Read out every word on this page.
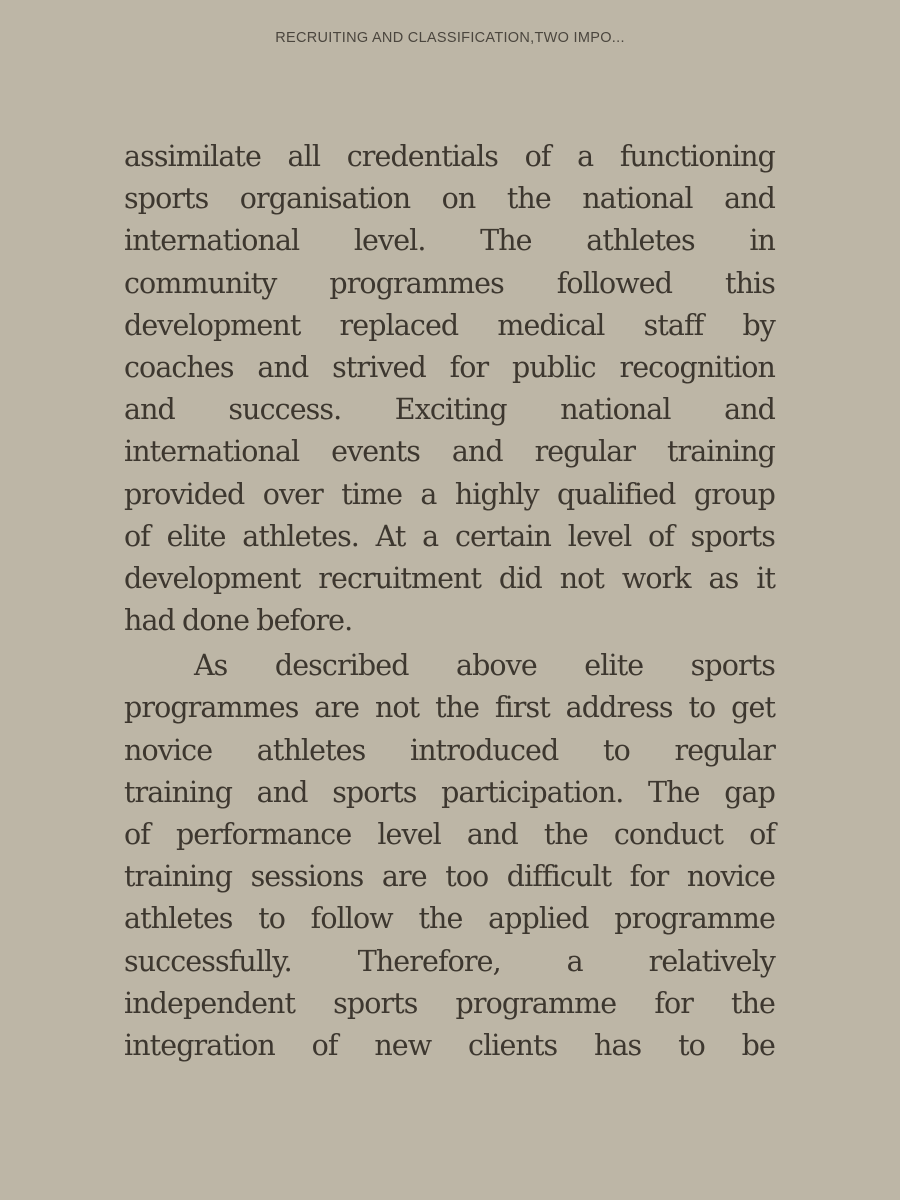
RECRUITING AND CLASSIFICATION,TWO IMPO...
assimilate all credentials of a functioning
sports organisation on the national and
international level. The athletes in
community programmes followed this
development replaced medical staff by
coaches and strived for public recognition
and success. Exciting national and
international events and regular training
provided over time a highly qualified group
of elite athletes. At a certain level of sports
development recruitment did not work as it
had done before.
As described above elite sports
programmes are not the first address to get
novice athletes introduced to regular
training and sports participation. The gap
of performance level and the conduct of
training sessions are too difficult for novice
athletes to follow the applied programme
successfully. Therefore, a relatively
independent sports programme for the
integration of new clients has to be
